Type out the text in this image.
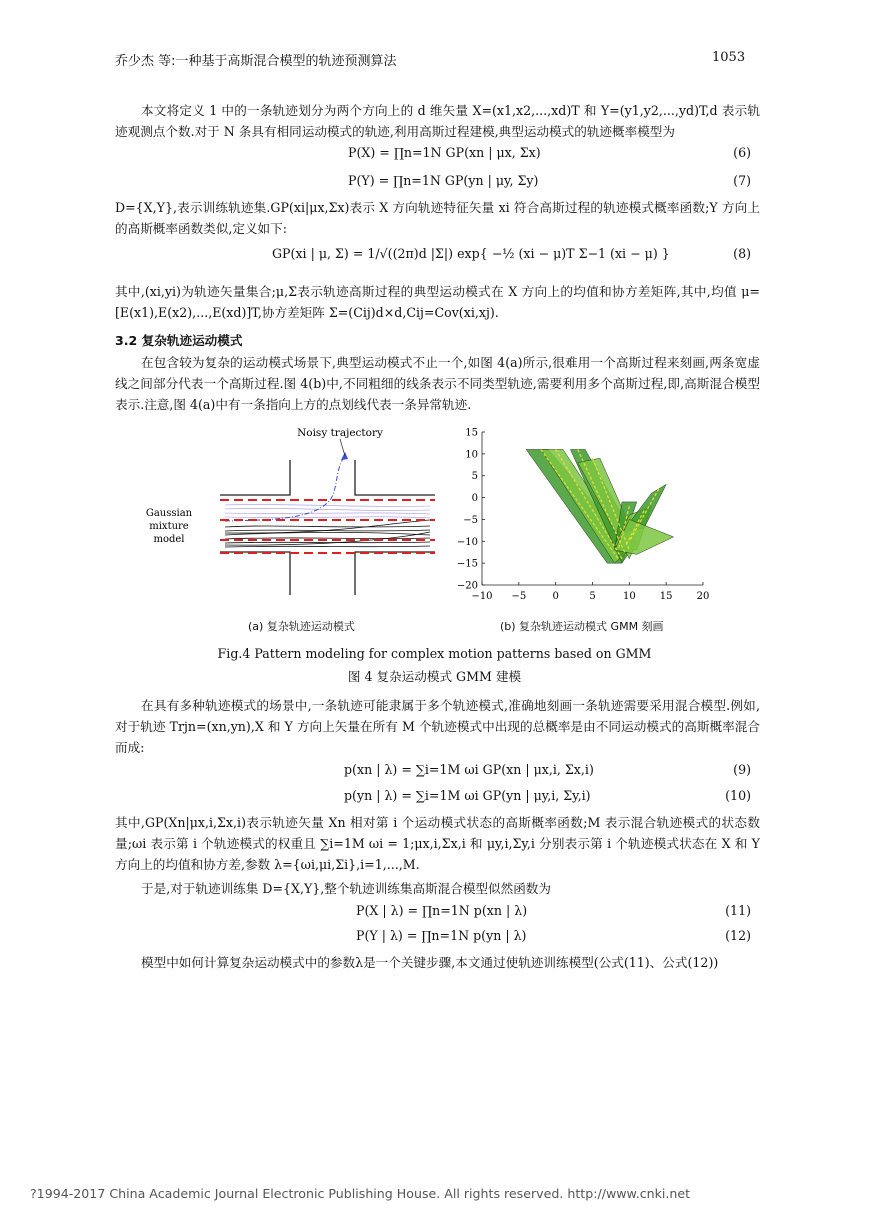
乔少杰 等:一种基于高斯混合模型的轨迹预测算法	1053
本文将定义 1 中的一条轨迹划分为两个方向上的 d 维矢量 X=(x1,x2,...,xd)T 和 Y=(y1,y2,...,yd)T,d 表示轨迹观测点个数.对于 N 条具有相同运动模式的轨迹,利用高斯过程建模,典型运动模式的轨迹概率模型为
P(X) = ∏n=1N GP(xn | μx, Σx)	(6)
P(Y) = ∏n=1N GP(yn | μy, Σy)	(7)
D={X,Y},表示训练轨迹集.GP(xi|μx,Σx)表示 X 方向轨迹特征矢量 xi 符合高斯过程的轨迹模式概率函数;Y 方向上的高斯概率函数类似,定义如下:
GP(xi | μ, Σ) = 1/√((2π)d |Σ|) exp{ −½ (xi − μ)T Σ−1 (xi − μ) }	(8)
其中,(xi,yi)为轨迹矢量集合;μ,Σ表示轨迹高斯过程的典型运动模式在 X 方向上的均值和协方差矩阵,其中,均值 μ=[E(x1),E(x2),...,E(xd)]T,协方差矩阵 Σ=(Cij)d×d,Cij=Cov(xi,xj).
3.2 复杂轨迹运动模式
在包含较为复杂的运动模式场景下,典型运动模式不止一个,如图 4(a)所示,很难用一个高斯过程来刻画,两条宽虚线之间部分代表一个高斯过程.图 4(b)中,不同粗细的线条表示不同类型轨迹,需要利用多个高斯过程,即,高斯混合模型表示.注意,图 4(a)中有一条指向上方的点划线代表一条异常轨迹.
Noisy trajectory
Gaussian
mixture
model
15
10
5
0
−5
−10
−15
−20
−10 −5	0	5	10 15 20
(a) 复杂轨迹运动模式	(b) 复杂轨迹运动模式 GMM 刻画
Fig.4 Pattern modeling for complex motion patterns based on GMM
图 4 复杂运动模式 GMM 建模
在具有多种轨迹模式的场景中,一条轨迹可能隶属于多个轨迹模式,准确地刻画一条轨迹需要采用混合模型.例如,对于轨迹 Trjn=(xn,yn),X 和 Y 方向上矢量在所有 M 个轨迹模式中出现的总概率是由不同运动模式的高斯概率混合而成:
p(xn | λ) = ∑i=1M ωi GP(xn | μx,i, Σx,i)	(9)
p(yn | λ) = ∑i=1M ωi GP(yn | μy,i, Σy,i)	(10)
其中,GP(Xn|μx,i,Σx,i)表示轨迹矢量 Xn 相对第 i 个运动模式状态的高斯概率函数;M 表示混合轨迹模式的状态数量;ωi 表示第 i 个轨迹模式的权重且 ∑i=1M ωi = 1;μx,i,Σx,i 和 μy,i,Σy,i 分别表示第 i 个轨迹模式状态在 X 和 Y 方向上的均值和协方差,参数 λ={ωi,μi,Σi},i=1,...,M.
于是,对于轨迹训练集 D={X,Y},整个轨迹训练集高斯混合模型似然函数为
P(X | λ) = ∏n=1N p(xn | λ)	(11)
P(Y | λ) = ∏n=1N p(yn | λ)	(12)
模型中如何计算复杂运动模式中的参数λ是一个关键步骤,本文通过使轨迹训练模型(公式(11)、公式(12))
?1994-2017 China Academic Journal Electronic Publishing House. All rights reserved. http://www.cnki.net
